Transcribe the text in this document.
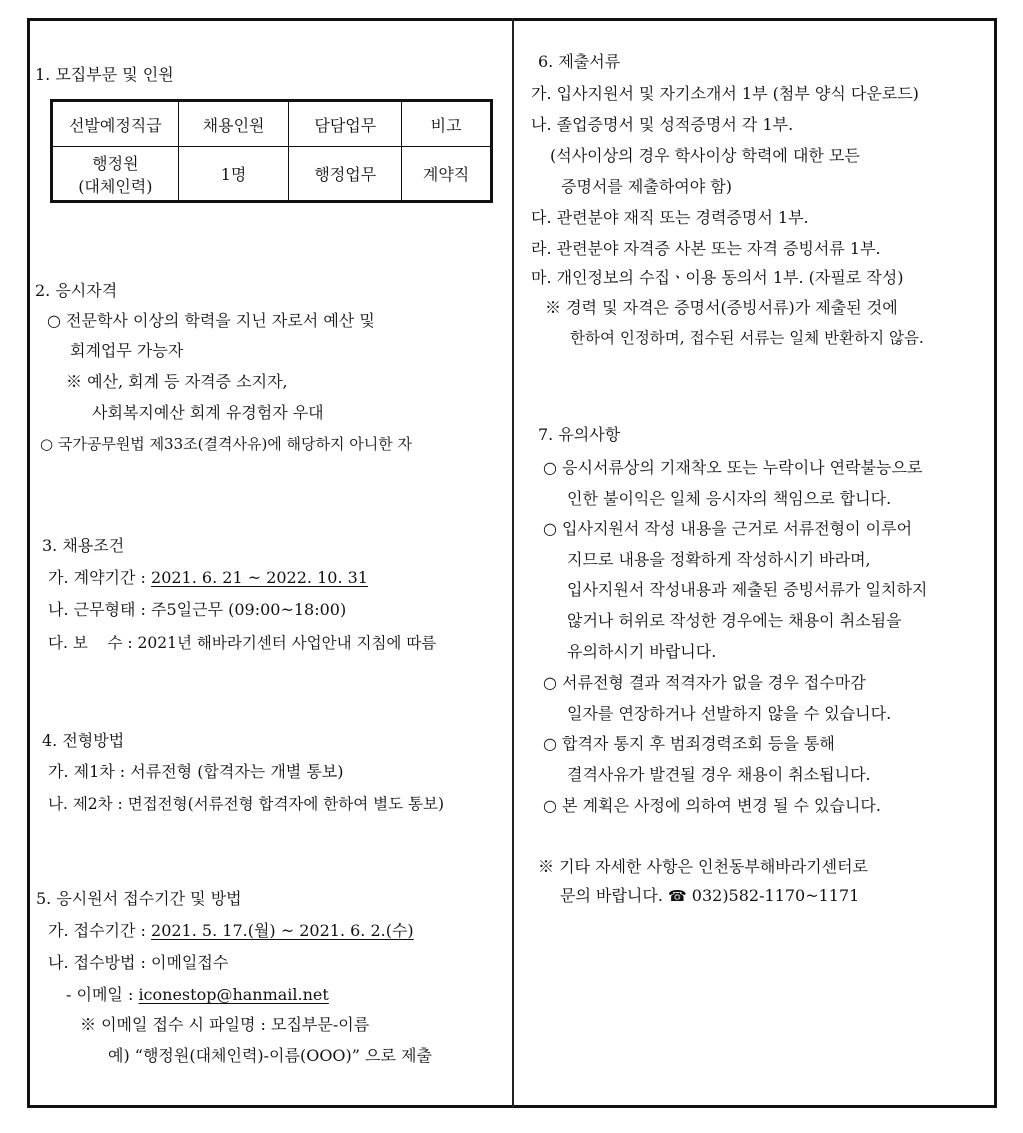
1. 모집부문 및 인원
선발예정직급	채용인원	담담업무	비고

행정원
(대체인력)	1명	행정업무	계약직
2. 응시자격
○ 전문학사 이상의 학력을 지닌 자로서 예산 및
회계업무 가능자
※ 예산, 회계 등 자격증 소지자,
사회복지예산 회계 유경험자 우대
○ 국가공무원법 제33조(결격사유)에 해당하지 아니한 자
3. 채용조건
가. 계약기간 : 2021. 6. 21 ~ 2022. 10. 31
나. 근무형태 : 주5일근무 (09:00~18:00)
다. 보    수 : 2021년 해바라기센터 사업안내 지침에 따름
4. 전형방법
가. 제1차 : 서류전형 (합격자는 개별 통보)
나. 제2차 : 면접전형(서류전형 합격자에 한하여 별도 통보)
5. 응시원서 접수기간 및 방법
가. 접수기간 : 2021. 5. 17.(월) ~ 2021. 6. 2.(수)
나. 접수방법 : 이메일접수
- 이메일 : iconestop@hanmail.net
※ 이메일 접수 시 파일명 : 모집부문-이름
예) “행정원(대체인력)-이름(OOO)” 으로 제출
6. 제출서류
가. 입사지원서 및 자기소개서 1부 (첨부 양식 다운로드)
나. 졸업증명서 및 성적증명서 각 1부.
(석사이상의 경우 학사이상 학력에 대한 모든
증명서를 제출하여야 함)
다. 관련분야 재직 또는 경력증명서 1부.
라. 관련분야 자격증 사본 또는 자격 증빙서류 1부.
마. 개인정보의 수집ㆍ이용 동의서 1부. (자필로 작성)
※ 경력 및 자격은 증명서(증빙서류)가 제출된 것에
한하여 인정하며, 접수된 서류는 일체 반환하지 않음.
7. 유의사항
○ 응시서류상의 기재착오 또는 누락이나 연락불능으로
인한 불이익은 일체 응시자의 책임으로 합니다.
○ 입사지원서 작성 내용을 근거로 서류전형이 이루어
지므로 내용을 정확하게 작성하시기 바라며,
입사지원서 작성내용과 제출된 증빙서류가 일치하지
않거나 허위로 작성한 경우에는 채용이 취소됨을
유의하시기 바랍니다.
○ 서류전형 결과 적격자가 없을 경우 접수마감
일자를 연장하거나 선발하지 않을 수 있습니다.
○ 합격자 통지 후 범죄경력조회 등을 통해
결격사유가 발견될 경우 채용이 취소됩니다.
○ 본 계획은 사정에 의하여 변경 될 수 있습니다.
※ 기타 자세한 사항은 인천동부해바라기센터로
문의 바랍니다. ☎ 032)582-1170~1171
